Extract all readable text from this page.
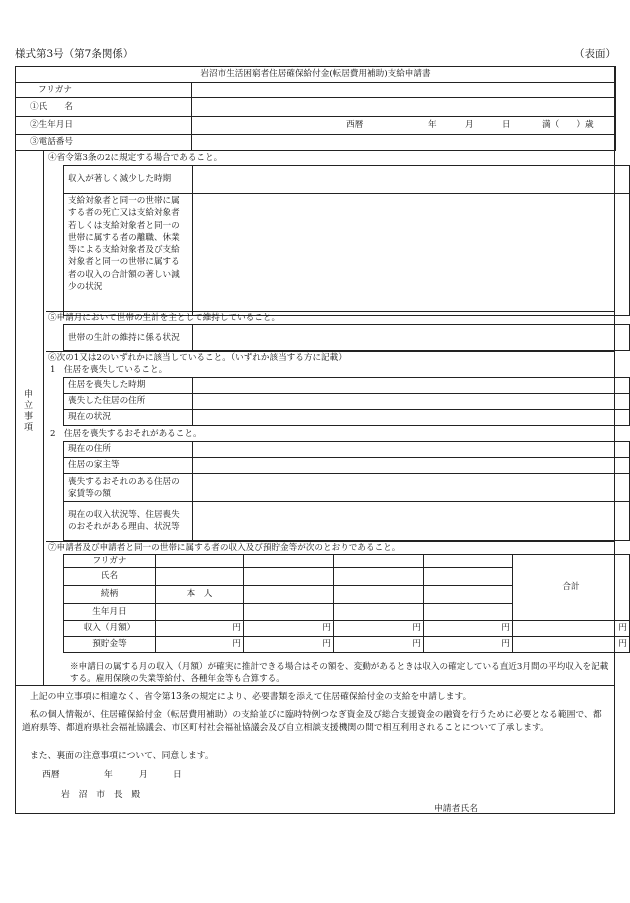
様式第3号（第7条関係）	（表面）
岩沼市生活困窮者住居確保給付金(転居費用補助)支給申請書	
フリガナ	
①氏　　名	
②生年月日	西暦 年 月 日 満（　　）歳

③電話番号	
申立事項
④省令第3条の2に規定する場合であること。
収入が著しく減少した時期	
支給対象者と同一の世帯に属する者の死亡又は支給対象者若しくは支給対象者と同一の世帯に属する者の離職、休業等による支給対象者及び支給対象者と同一の世帯に属する者の収入の合計額の著しい減少の状況	
⑤申請月において世帯の生計を主として維持していること。
世帯の生計の維持に係る状況	
⑥次の1又は2のいずれかに該当していること。（いずれか該当する方に記載）
1　住居を喪失していること。
住居を喪失した時期	
喪失した住居の住所	
現在の状況	
2　住居を喪失するおそれがあること。
現在の住所	
住居の家主等	
喪失するおそれのある住居の家賃等の額	
現在の収入状況等、住居喪失のおそれがある理由、状況等	
⑦申請者及び申請者と同一の世帯に属する者の収入及び預貯金等が次のとおりであること。
フリガナ					合計
氏名					
続柄	本　人				
生年月日					
収入（月額）	円	円	円	円	円
預貯金等	円	円	円	円	円
※申請日の属する月の収入（月額）が確実に推計できる場合はその額を、変動があるときは収入の確定している直近3月間の平均収入を記載する。雇用保険の失業等給付、各種年金等も合算する。
上記の申立事項に相違なく、省令第13条の規定により、必要書類を添えて住居確保給付金の支給を申請します。
私の個人情報が、住居確保給付金（転居費用補助）の支給並びに臨時特例つなぎ資金及び総合支援資金の融資を行うために必要となる範囲で、都道府県等、都道府県社会福祉協議会、市区町村社会福祉協議会及び自立相談支援機関の間で相互利用されることについて了承します。
また、裏面の注意事項について、同意します。
西暦	年	月	日
岩　沼　市　長　殿
申請者氏名
